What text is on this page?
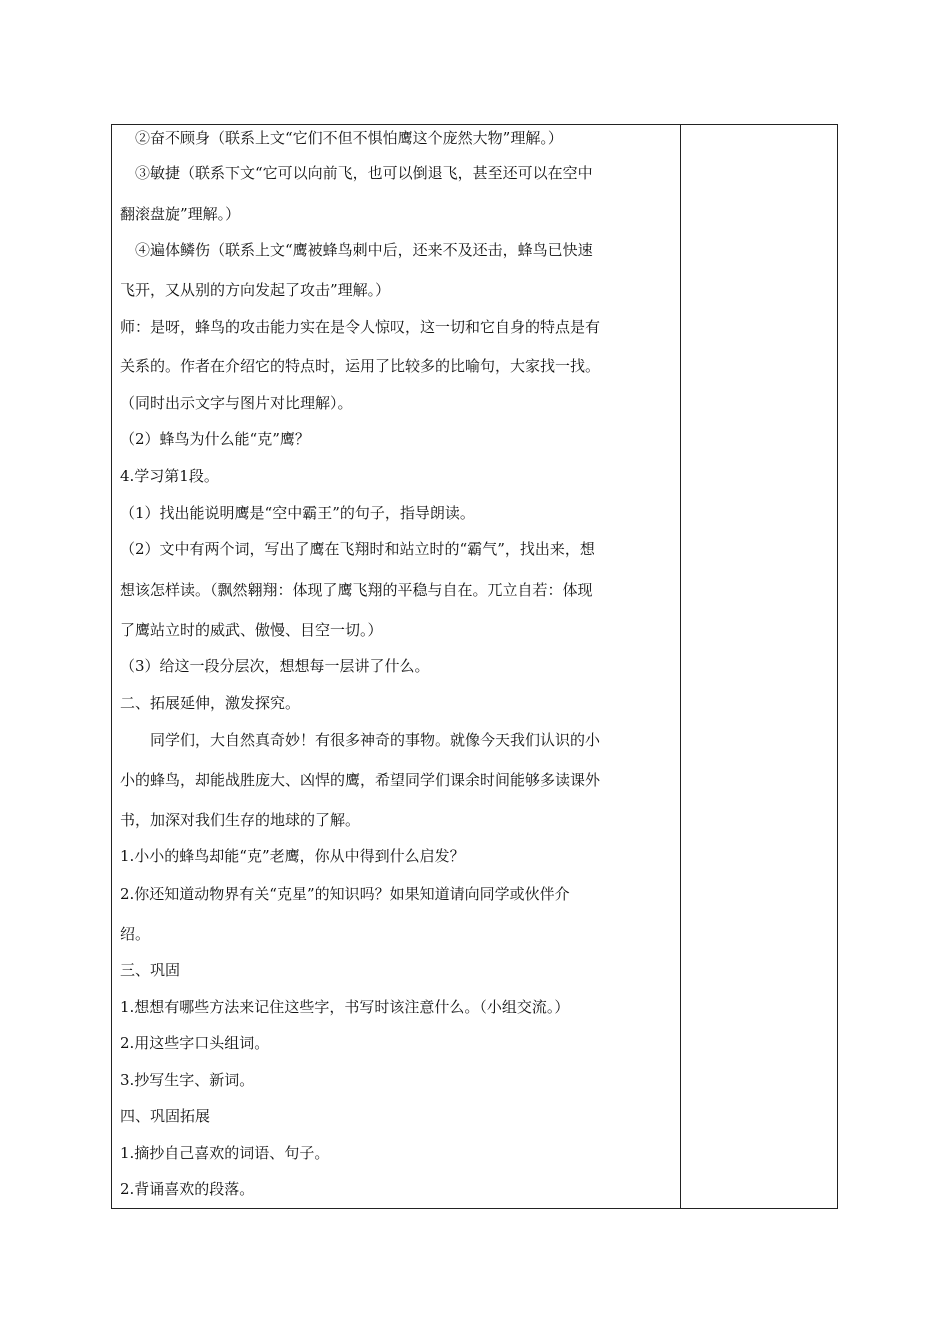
　②奋不顾身（联系上文“它们不但不惧怕鹰这个庞然大物”理解。）
　③敏捷（联系下文“它可以向前飞，也可以倒退飞，甚至还可以在空中
翻滚盘旋”理解。）
　④遍体鳞伤（联系上文“鹰被蜂鸟刺中后，还来不及还击，蜂鸟已快速
飞开，又从别的方向发起了攻击”理解。）
师：是呀，蜂鸟的攻击能力实在是令人惊叹，这一切和它自身的特点是有
关系的。作者在介绍它的特点时，运用了比较多的比喻句，大家找一找。
（同时出示文字与图片对比理解）。
（2）蜂鸟为什么能“克”鹰？
4.学习第1段。
（1）找出能说明鹰是“空中霸王”的句子，指导朗读。
（2）文中有两个词，写出了鹰在飞翔时和站立时的“霸气”，找出来，想
想该怎样读。（飘然翱翔：体现了鹰飞翔的平稳与自在。兀立自若：体现
了鹰站立时的威武、傲慢、目空一切。）
（3）给这一段分层次，想想每一层讲了什么。
二、拓展延伸，激发探究。
　　同学们，大自然真奇妙！有很多神奇的事物。就像今天我们认识的小
小的蜂鸟，却能战胜庞大、凶悍的鹰，希望同学们课余时间能够多读课外
书，加深对我们生存的地球的了解。
1.小小的蜂鸟却能“克”老鹰，你从中得到什么启发？
2.你还知道动物界有关“克星”的知识吗？如果知道请向同学或伙伴介
绍。
三、巩固
1.想想有哪些方法来记住这些字，书写时该注意什么。（小组交流。）
2.用这些字口头组词。
3.抄写生字、新词。
四、巩固拓展
1.摘抄自己喜欢的词语、句子。
2.背诵喜欢的段落。
